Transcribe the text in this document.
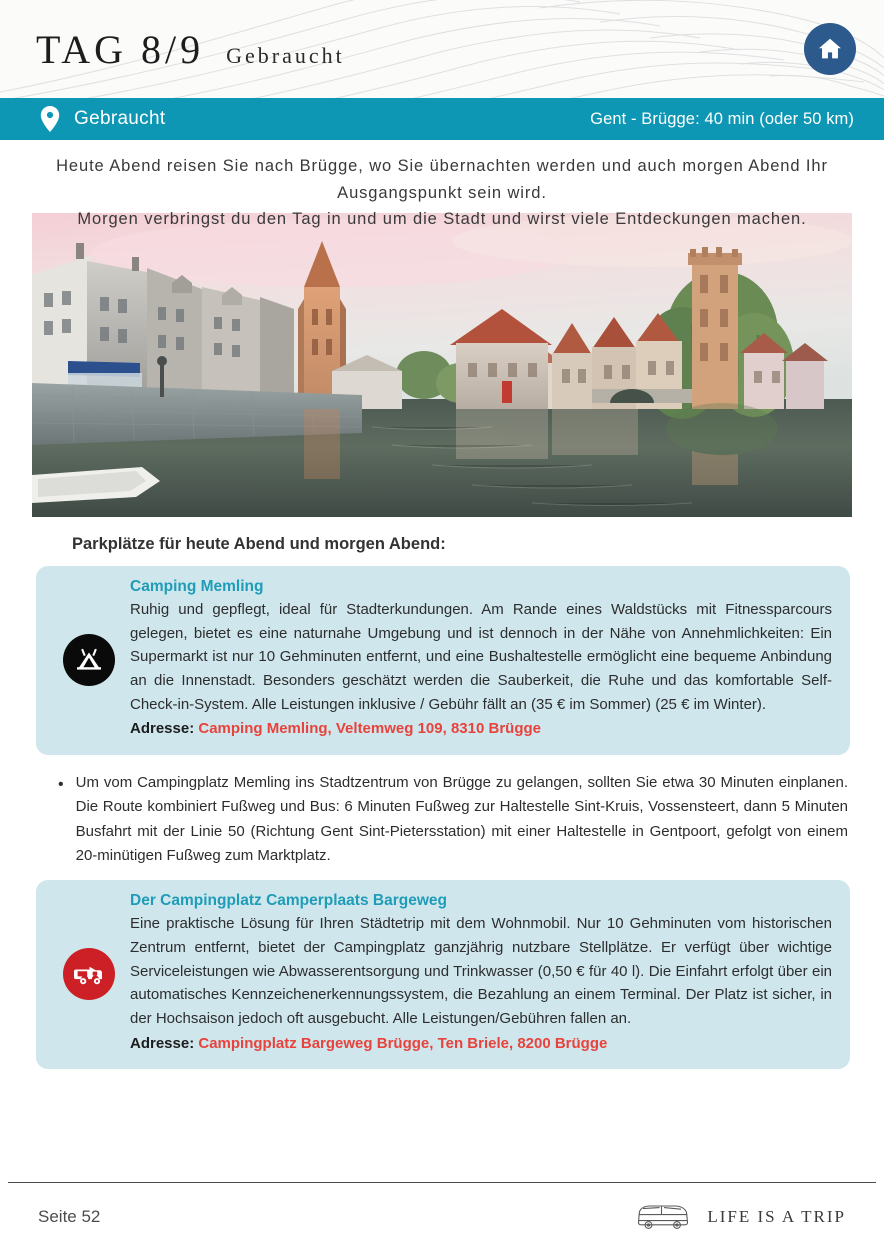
TAG 8/9 Gebraucht
Gebraucht	Gent - Brügge: 40 min (oder 50 km)
Heute Abend reisen Sie nach Brügge, wo Sie übernachten werden und auch morgen Abend Ihr Ausgangspunkt sein wird.
Morgen verbringst du den Tag in und um die Stadt und wirst viele Entdeckungen machen.
Parkplätze für heute Abend und morgen Abend:
Camping Memling
Ruhig und gepflegt, ideal für Stadterkundungen. Am Rande eines Waldstücks mit Fitnessparcours gelegen, bietet es eine naturnahe Umgebung und ist dennoch in der Nähe von Annehmlichkeiten: Ein Supermarkt ist nur 10 Gehminuten entfernt, und eine Bushaltestelle ermöglicht eine bequeme Anbindung an die Innenstadt. Besonders geschätzt werden die Sauberkeit, die Ruhe und das komfortable Self-Check-in-System. Alle Leistungen inklusive / Gebühr fällt an (35 € im Sommer) (25 € im Winter).
Adresse: Camping Memling, Veltemweg 109, 8310 Brügge
• Um vom Campingplatz Memling ins Stadtzentrum von Brügge zu gelangen, sollten Sie etwa 30 Minuten einplanen. Die Route kombiniert Fußweg und Bus: 6 Minuten Fußweg zur Haltestelle Sint-Kruis, Vossensteert, dann 5 Minuten Busfahrt mit der Linie 50 (Richtung Gent Sint-Pietersstation) mit einer Haltestelle in Gentpoort, gefolgt von einem 20-minütigen Fußweg zum Marktplatz.
Der Campingplatz Camperplaats Bargeweg
Eine praktische Lösung für Ihren Städtetrip mit dem Wohnmobil. Nur 10 Gehminuten vom historischen Zentrum entfernt, bietet der Campingplatz ganzjährig nutzbare Stellplätze. Er verfügt über wichtige Serviceleistungen wie Abwasserentsorgung und Trinkwasser (0,50 € für 40 l). Die Einfahrt erfolgt über ein automatisches Kennzeichenerkennungssystem, die Bezahlung an einem Terminal. Der Platz ist sicher, in der Hochsaison jedoch oft ausgebucht. Alle Leistungen/Gebühren fallen an.
Adresse: Campingplatz Bargeweg Brügge, Ten Briele, 8200 Brügge
Seite 52	LIFE IS A TRIP
